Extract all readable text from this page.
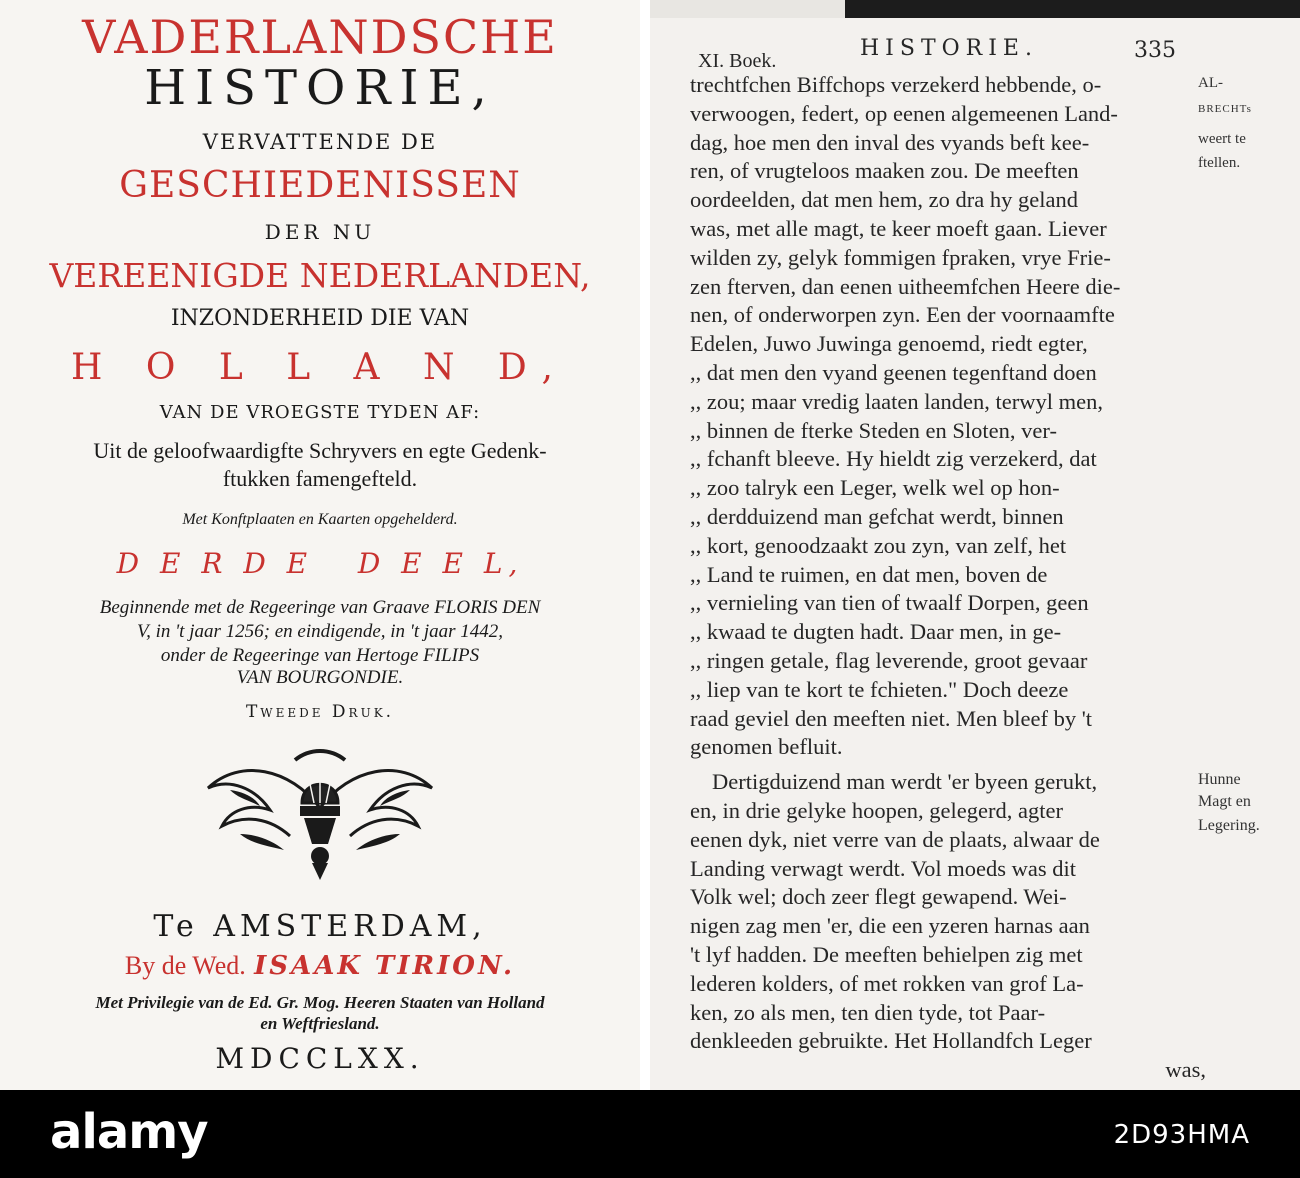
VADERLANDSCHE
HISTORIE,
VERVATTENDE DE
GESCHIEDENISSEN
DER NU
VEREENIGDE NEDERLANDEN,
INZONDERHEID DIE VAN
H O L L A N D,
VAN DE VROEGSTE TYDEN AF:
Uit de geloofwaardigfte Schryvers en egte Gedenk-
ftukken famengefteld.
Met Konftplaaten en Kaarten opgehelderd.
D E R D E   D E E L,
Beginnende met de Regeeringe van Graave FLORIS DEN
V, in 't jaar 1256; en eindigende, in 't jaar 1442,
onder de Regeeringe van Hertoge FILIPS
VAN BOURGONDIE.
Tweede Druk.
Te AMSTERDAM,
By de Wed. ISAAK TIRION.
Met Privilegie van de Ed. Gr. Mog. Heeren Staaten van Holland
en Weftfriesland.
MDCCLXX.
XI. Boek.	HISTORIE.	335
trechtfchen Biffchops verzekerd hebbende, o-
verwoogen, federt, op eenen algemeenen Land-
dag, hoe men den inval des vyands beft kee-
ren, of vrugteloos maaken zou. De meeften
oordeelden, dat men hem, zo dra hy geland
was, met alle magt, te keer moeft gaan. Liever
wilden zy, gelyk fommigen fpraken, vrye Frie-
zen fterven, dan eenen uitheemfchen Heere die-
nen, of onderworpen zyn. Een der voornaamfte
Edelen, Juwo Juwinga genoemd, riedt egter,
,, dat men den vyand geenen tegenftand doen
,, zou; maar vredig laaten landen, terwyl men,
,, binnen de fterke Steden en Sloten, ver-
,, fchanft bleeve. Hy hieldt zig verzekerd, dat
,, zoo talryk een Leger, welk wel op hon-
,, derdduizend man gefchat werdt, binnen
,, kort, genoodzaakt zou zyn, van zelf, het
,, Land te ruimen, en dat men, boven de
,, vernieling van tien of twaalf Dorpen, geen
,, kwaad te dugten hadt. Daar men, in ge-
,, ringen getale, flag leverende, groot gevaar
,, liep van te kort te fchieten." Doch deeze
raad geviel den meeften niet. Men bleef by 't
genomen befluit.
Dertigduizend man werdt 'er byeen gerukt,
en, in drie gelyke hoopen, gelegerd, agter
eenen dyk, niet verre van de plaats, alwaar de
Landing verwagt werdt. Vol moeds was dit
Volk wel; doch zeer flegt gewapend. Wei-
nigen zag men 'er, die een yzeren harnas aan
't lyf hadden. De meeften behielpen zig met
lederen kolders, of met rokken van grof La-
ken, zo als men, ten dien tyde, tot Paar-
denkleeden gebruikte. Het Hollandfch Leger
was,
AL-
BRECHTs
weert te
ftellen.
Hunne
Magt en
Legering.
alamy	2D93HMA
